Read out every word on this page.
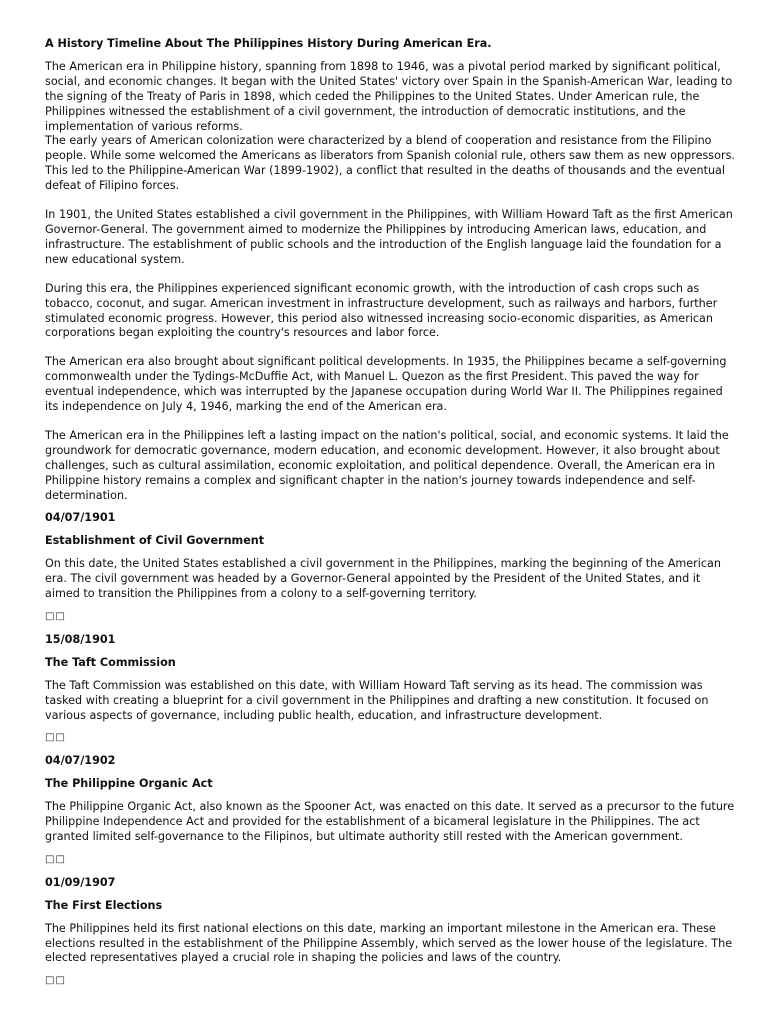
A History Timeline About The Philippines History During American Era.

The American era in Philippine history, spanning from 1898 to 1946, was a pivotal period marked by significant political, social, and economic changes. It began with the United States' victory over Spain in the Spanish-American War, leading to the signing of the Treaty of Paris in 1898, which ceded the Philippines to the United States. Under American rule, the Philippines witnessed the establishment of a civil government, the introduction of democratic institutions, and the implementation of various reforms.

The early years of American colonization were characterized by a blend of cooperation and resistance from the Filipino people. While some welcomed the Americans as liberators from Spanish colonial rule, others saw them as new oppressors. This led to the Philippine-American War (1899-1902), a conflict that resulted in the deaths of thousands and the eventual defeat of Filipino forces.

In 1901, the United States established a civil government in the Philippines, with William Howard Taft as the first American Governor-General. The government aimed to modernize the Philippines by introducing American laws, education, and infrastructure. The establishment of public schools and the introduction of the English language laid the foundation for a new educational system.

During this era, the Philippines experienced significant economic growth, with the introduction of cash crops such as tobacco, coconut, and sugar. American investment in infrastructure development, such as railways and harbors, further stimulated economic progress. However, this period also witnessed increasing socio-economic disparities, as American corporations began exploiting the country's resources and labor force.

The American era also brought about significant political developments. In 1935, the Philippines became a self-governing commonwealth under the Tydings-McDuffie Act, with Manuel L. Quezon as the first President. This paved the way for eventual independence, which was interrupted by the Japanese occupation during World War II. The Philippines regained its independence on July 4, 1946, marking the end of the American era.

The American era in the Philippines left a lasting impact on the nation's political, social, and economic systems. It laid the groundwork for democratic governance, modern education, and economic development. However, it also brought about challenges, such as cultural assimilation, economic exploitation, and political dependence. Overall, the American era in Philippine history remains a complex and significant chapter in the nation's journey towards independence and self-determination.

04/07/1901

Establishment of Civil Government

On this date, the United States established a civil government in the Philippines, marking the beginning of the American era. The civil government was headed by a Governor-General appointed by the President of the United States, and it aimed to transition the Philippines from a colony to a self-governing territory.

□□

15/08/1901

The Taft Commission

The Taft Commission was established on this date, with William Howard Taft serving as its head. The commission was tasked with creating a blueprint for a civil government in the Philippines and drafting a new constitution. It focused on various aspects of governance, including public health, education, and infrastructure development.

□□

04/07/1902

The Philippine Organic Act

The Philippine Organic Act, also known as the Spooner Act, was enacted on this date. It served as a precursor to the future Philippine Independence Act and provided for the establishment of a bicameral legislature in the Philippines. The act granted limited self-governance to the Filipinos, but ultimate authority still rested with the American government.

□□

01/09/1907

The First Elections

The Philippines held its first national elections on this date, marking an important milestone in the American era. These elections resulted in the establishment of the Philippine Assembly, which served as the lower house of the legislature. The elected representatives played a crucial role in shaping the policies and laws of the country.

□□
